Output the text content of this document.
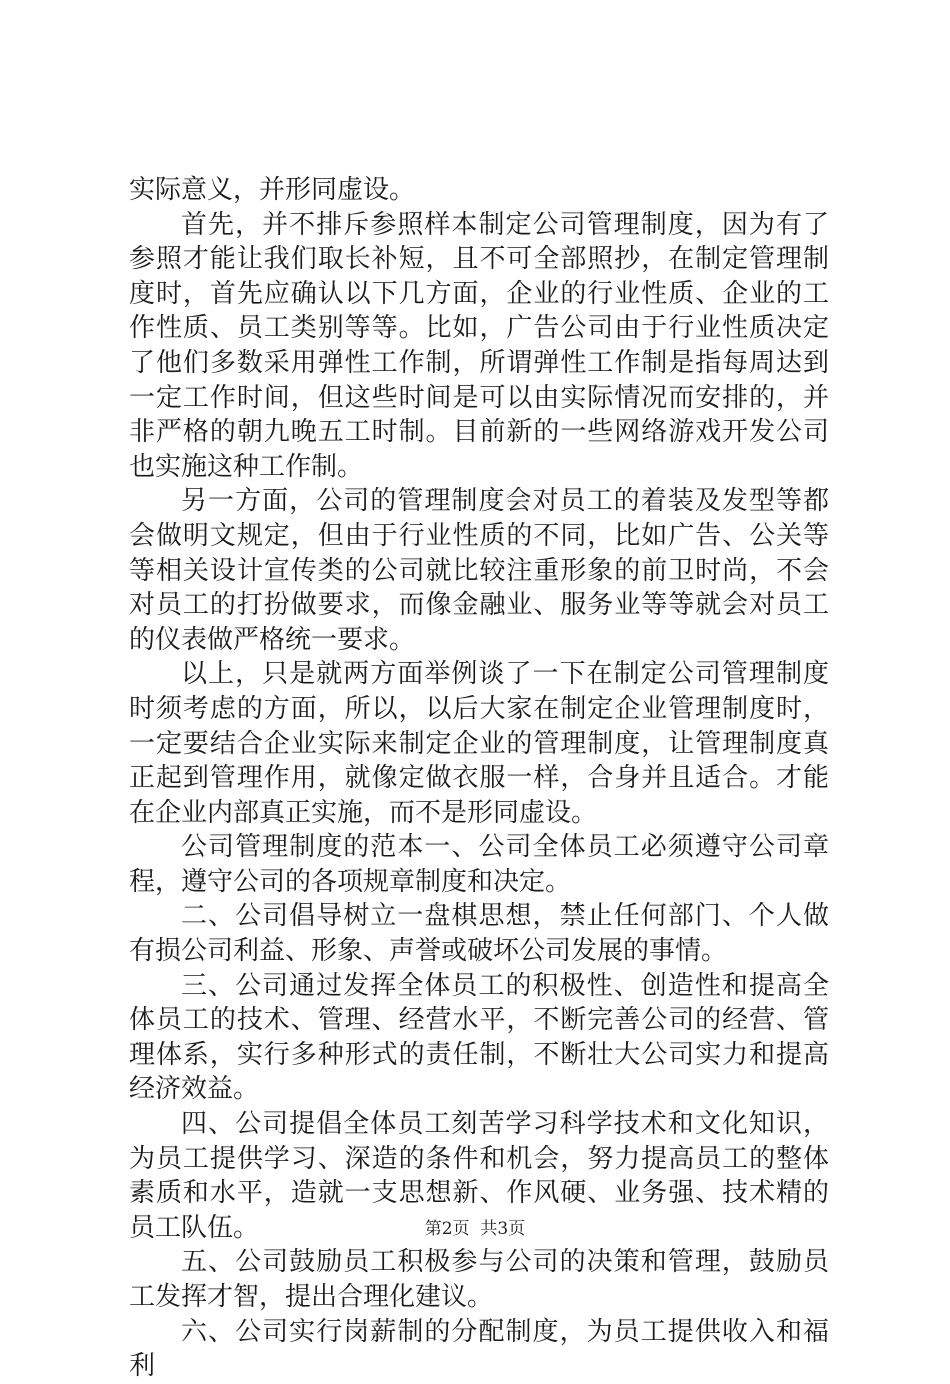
实际意义，并形同虚设。

首先，并不排斥参照样本制定公司管理制度，因为有了参照才能让我们取长补短，且不可全部照抄，在制定管理制度时，首先应确认以下几方面，企业的行业性质、企业的工作性质、员工类别等等。比如，广告公司由于行业性质决定了他们多数采用弹性工作制，所谓弹性工作制是指每周达到一定工作时间，但这些时间是可以由实际情况而安排的，并非严格的朝九晚五工时制。目前新的一些网络游戏开发公司也实施这种工作制。

另一方面，公司的管理制度会对员工的着装及发型等都会做明文规定，但由于行业性质的不同，比如广告、公关等等相关设计宣传类的公司就比较注重形象的前卫时尚，不会对员工的打扮做要求，而像金融业、服务业等等就会对员工的仪表做严格统一要求。

以上，只是就两方面举例谈了一下在制定公司管理制度时须考虑的方面，所以，以后大家在制定企业管理制度时，一定要结合企业实际来制定企业的管理制度，让管理制度真正起到管理作用，就像定做衣服一样，合身并且适合。才能在企业内部真正实施，而不是形同虚设。

公司管理制度的范本一、公司全体员工必须遵守公司章程，遵守公司的各项规章制度和决定。

二、公司倡导树立一盘棋思想，禁止任何部门、个人做有损公司利益、形象、声誉或破坏公司发展的事情。

三、公司通过发挥全体员工的积极性、创造性和提高全体员工的技术、管理、经营水平，不断完善公司的经营、管理体系，实行多种形式的责任制，不断壮大公司实力和提高经济效益。

四、公司提倡全体员工刻苦学习科学技术和文化知识，为员工提供学习、深造的条件和机会，努力提高员工的整体素质和水平，造就一支思想新、作风硬、业务强、技术精的员工队伍。

五、公司鼓励员工积极参与公司的决策和管理，鼓励员工发挥才智，提出合理化建议。

六、公司实行岗薪制的分配制度，为员工提供收入和福利

第2页  共3页
